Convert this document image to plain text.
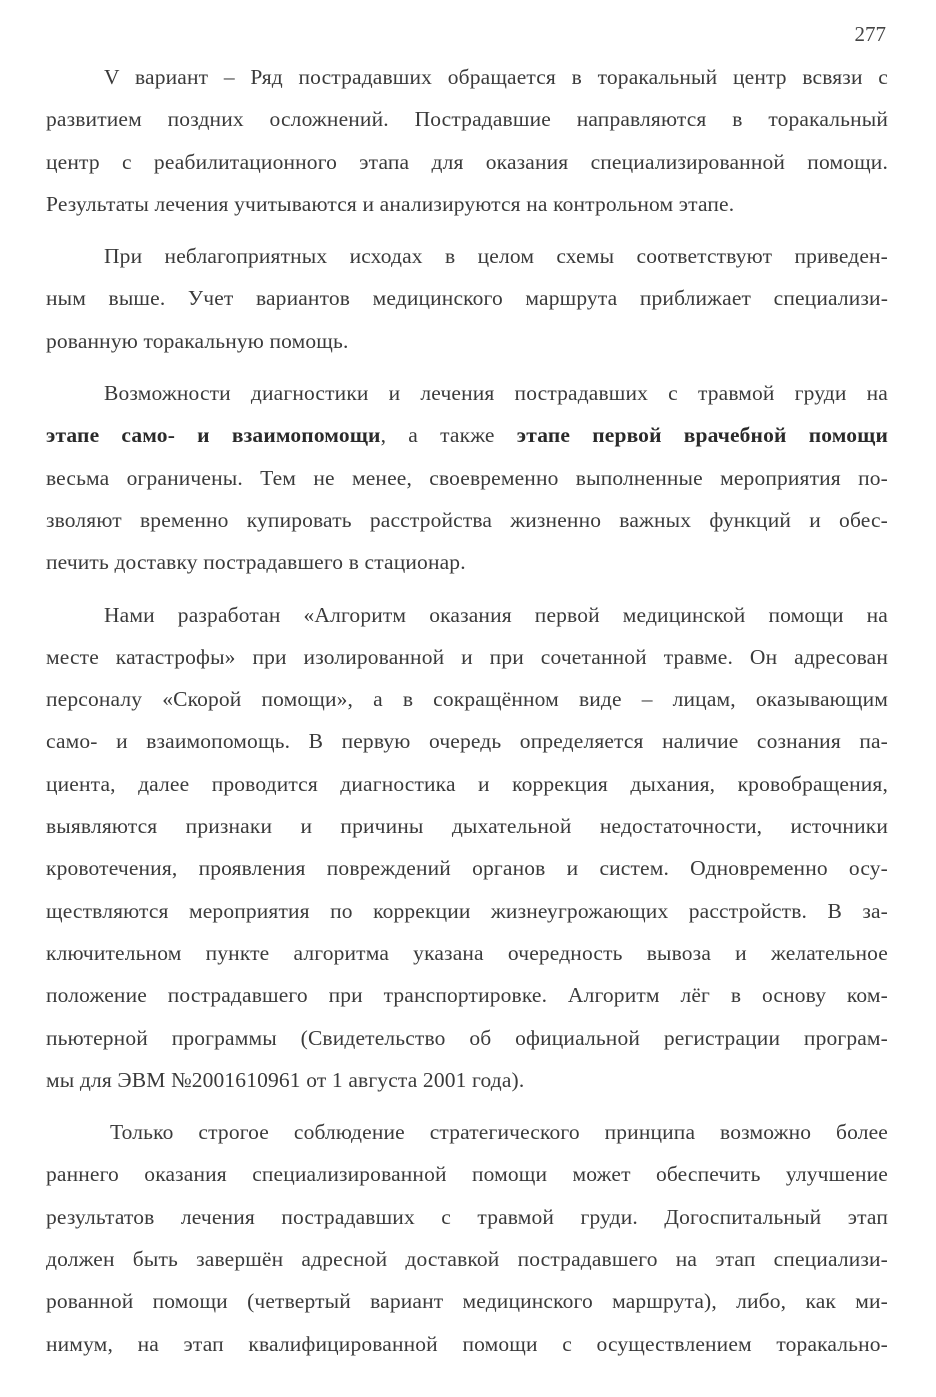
277

V вариант – Ряд пострадавших обращается в торакальный центр всвязи с
развитием поздних осложнений. Пострадавшие направляются в торакальный
центр с реабилитационного этапа для оказания специализированной помощи.
Результаты лечения учитываются и анализируются на контрольном этапе.

При неблагоприятных исходах в целом схемы соответствуют приведен-
ным выше. Учет вариантов медицинского маршрута приближает специализи-
рованную торакальную помощь.

Возможности диагностики и лечения пострадавших с травмой груди на
этапе само- и взаимопомощи, а также этапе первой врачебной помощи
весьма ограничены. Тем не менее, своевременно выполненные мероприятия по-
зволяют временно купировать расстройства жизненно важных функций и обес-
печить доставку пострадавшего в стационар.

Нами разработан «Алгоритм оказания первой медицинской помощи на
месте катастрофы» при изолированной и при сочетанной травме. Он адресован
персоналу «Скорой помощи», а в сокращённом виде – лицам, оказывающим
само- и взаимопомощь. В первую очередь определяется наличие сознания па-
циента, далее проводится диагностика и коррекция дыхания, кровобращения,
выявляются признаки и причины дыхательной недостаточности, источники
кровотечения, проявления повреждений органов и систем. Одновременно осу-
ществляются мероприятия по коррекции жизнеугрожающих расстройств. В за-
ключительном пункте алгоритма указана очередность вывоза и желательное
положение пострадавшего при транспортировке. Алгоритм лёг в основу ком-
пьютерной программы (Свидетельство об официальной регистрации програм-
мы для ЭВМ №2001610961 от 1 августа 2001 года).

Только строгое соблюдение стратегического принципа возможно более
раннего оказания специализированной помощи может обеспечить улучшение
результатов лечения пострадавших с травмой груди. Догоспитальный этап
должен быть завершён адресной доставкой пострадавшего на этап специализи-
рованной помощи (четвертый вариант медицинского маршрута), либо, как ми-
нимум, на этап квалифицированной помощи с осуществлением торакально-
